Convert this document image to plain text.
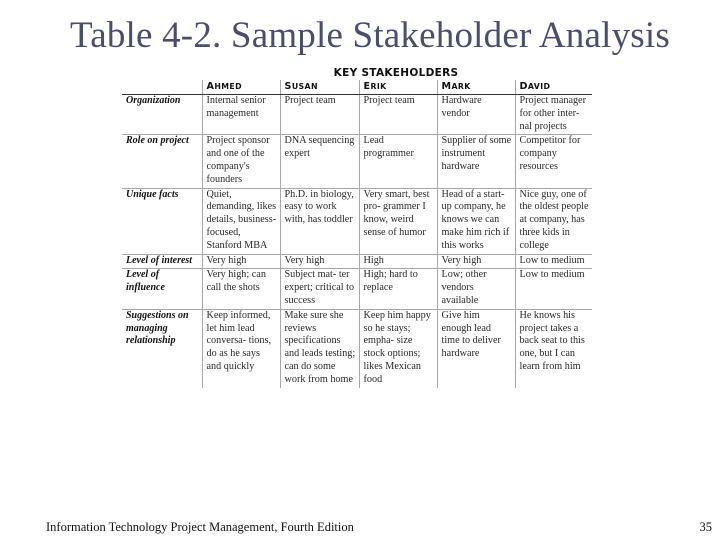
Table 4-2. Sample Stakeholder Analysis
KEY STAKEHOLDERS
	AHMED	SUSAN	ERIK	MARK	DAVID
Organization	Internal senior management	Project team	Project team	Hardware vendor	Project manager for other inter- nal projects
Role on project	Project sponsor and one of the company's founders	DNA sequencing expert	Lead programmer	Supplier of some instrument hardware	Competitor for company resources
Unique facts	Quiet, demanding, likes details, business-focused, Stanford MBA	Ph.D. in biology, easy to work with, has toddler	Very smart, best pro- grammer I know, weird sense of humor	Head of a start-up company, he knows we can make him rich if this works	Nice guy, one of the oldest people at company, has three kids in college
Level of interest	Very high	Very high	High	Very high	Low to medium
Level of influence	Very high; can call the shots	Subject mat- ter expert; critical to success	High; hard to replace	Low; other vendors available	Low to medium
Suggestions on managing relationship	Keep informed, let him lead conversa- tions, do as he says and quickly	Make sure she reviews specifications and leads testing; can do some work from home	Keep him happy so he stays; empha- size stock options; likes Mexican food	Give him enough lead time to deliver hardware	He knows his project takes a back seat to this one, but I can learn from him
Information Technology Project Management, Fourth Edition	35
